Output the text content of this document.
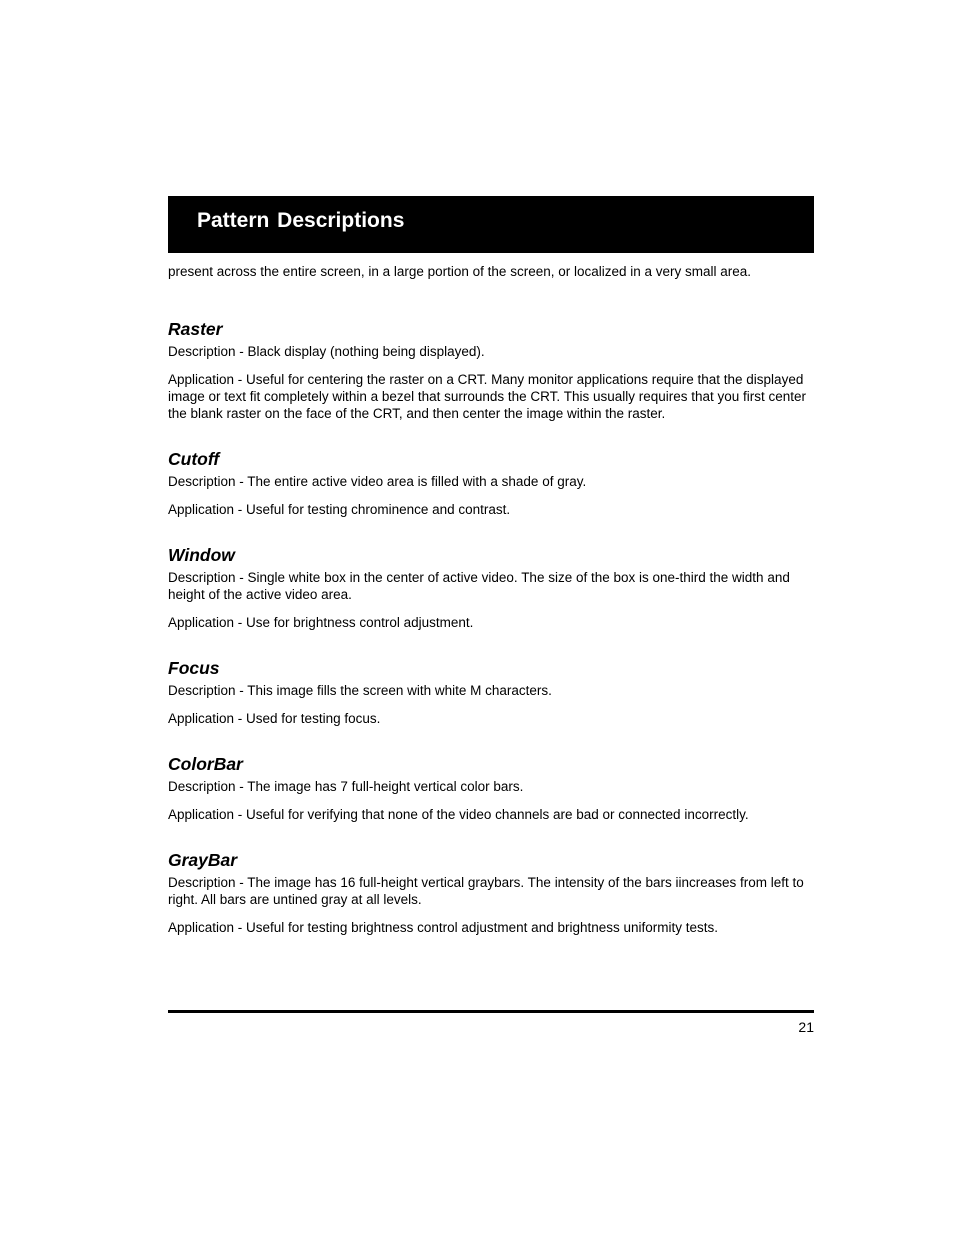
Pattern Descriptions

present across the entire screen, in a large portion of the screen, or localized in a very small area.

Raster

Description - Black display (nothing being displayed).

Application - Useful for centering the raster on a CRT. Many monitor applications require that the displayed image or text fit completely within a bezel that surrounds the CRT. This usually requires that you first center the blank raster on the face of the CRT, and then center the image within the raster.

Cutoff

Description - The entire active video area is filled with a shade of gray.

Application - Useful for testing chrominence and contrast.

Window

Description - Single white box in the center of active video. The size of the box is one-third the width and height of the active video area.

Application - Use for brightness control adjustment.

Focus

Description - This image fills the screen with white M characters.

Application - Used for testing focus.

ColorBar

Description - The image has 7 full-height vertical color bars.

Application - Useful for verifying that none of the video channels are bad or connected incorrectly.

GrayBar

Description - The image has 16 full-height vertical graybars. The intensity of the bars iincreases from left to right. All bars are untined gray at all levels.

Application - Useful for testing brightness control adjustment and brightness uniformity tests.

21
